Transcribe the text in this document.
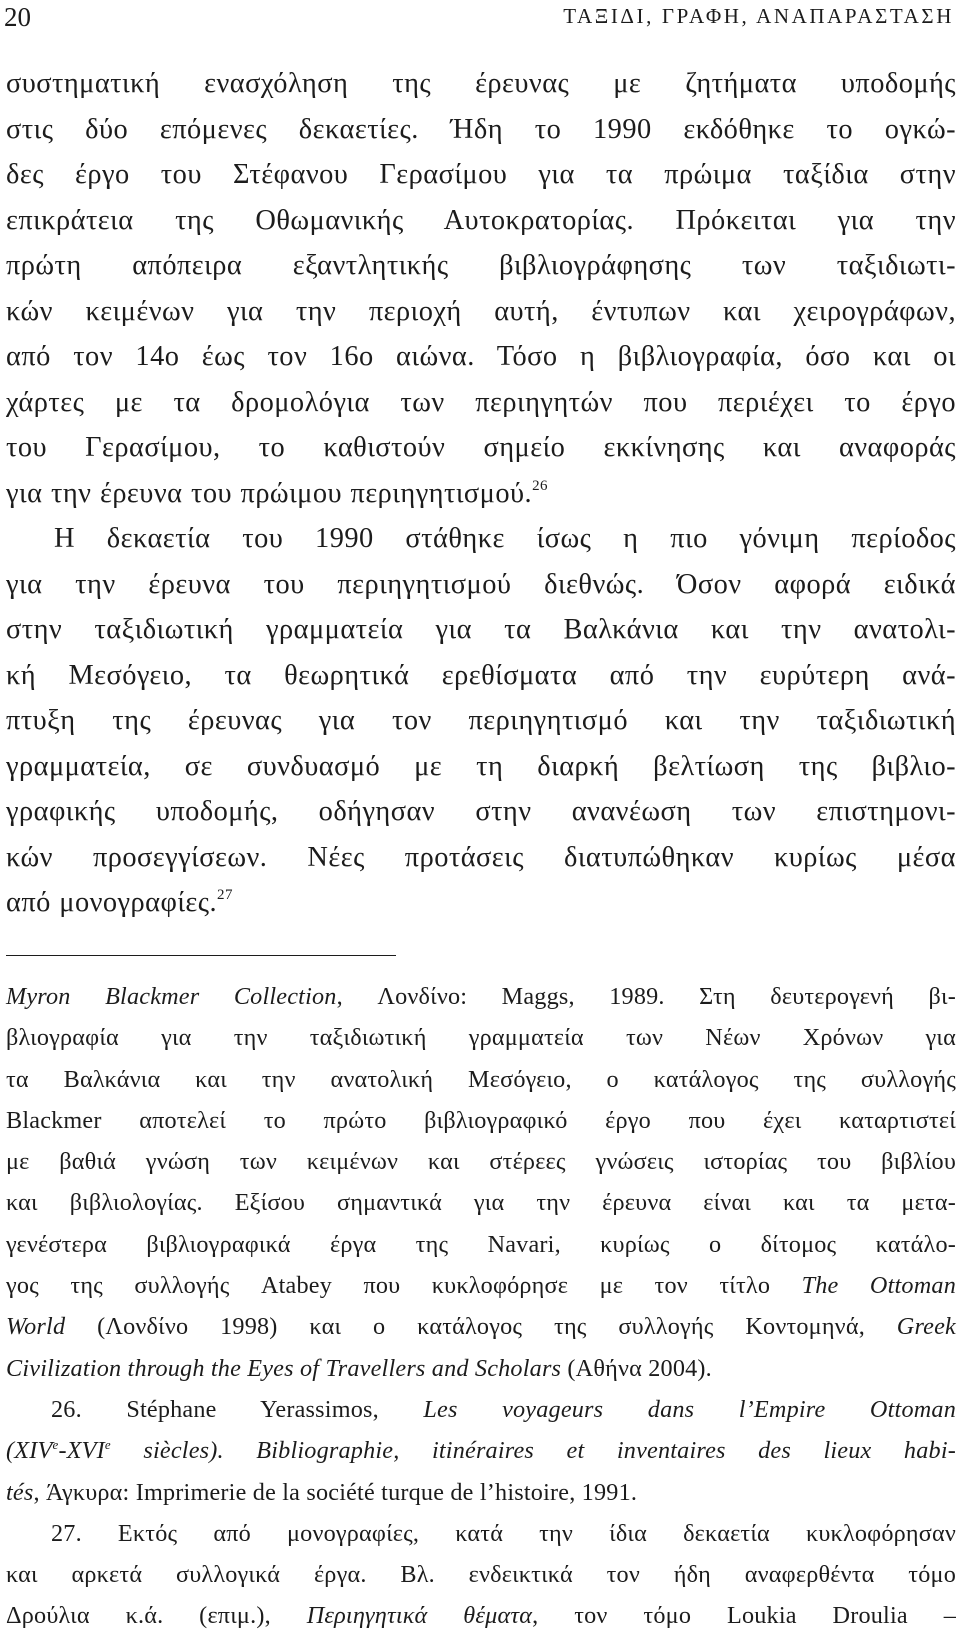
20	ΤΑΞΙΔΙ, ΓΡΑΦΗ, ΑΝΑΠΑΡΑΣΤΑΣΗ
συστηματική ενασχόληση της έρευνας με ζητήματα υποδομής
στις δύο επόμενες δεκαετίες. Ήδη το 1990 εκδόθηκε το ογκώ-
δες έργο του Στέφανου Γερασίμου για τα πρώιμα ταξίδια στην
επικράτεια της Οθωμανικής Αυτοκρατορίας. Πρόκειται για την
πρώτη απόπειρα εξαντλητικής βιβλιογράφησης των ταξιδιωτι-
κών κειμένων για την περιοχή αυτή, έντυπων και χειρογράφων,
από τον 14ο έως τον 16ο αιώνα. Τόσο η βιβλιογραφία, όσο και οι
χάρτες με τα δρομολόγια των περιηγητών που περιέχει το έργο
του Γερασίμου, το καθιστούν σημείο εκκίνησης και αναφοράς
για την έρευνα του πρώιμου περιηγητισμού.$^{26}$
Η δεκαετία του 1990 στάθηκε ίσως η πιο γόνιμη περίοδος
για την έρευνα του περιηγητισμού διεθνώς. Όσον αφορά ειδικά
στην ταξιδιωτική γραμματεία για τα Βαλκάνια και την ανατολι-
κή Μεσόγειο, τα θεωρητικά ερεθίσματα από την ευρύτερη ανά-
πτυξη της έρευνας για τον περιηγητισμό και την ταξιδιωτική
γραμματεία, σε συνδυασμό με τη διαρκή βελτίωση της βιβλιο-
γραφικής υποδομής, οδήγησαν στην ανανέωση των επιστημονι-
κών προσεγγίσεων. Νέες προτάσεις διατυπώθηκαν κυρίως μέσα
από μονογραφίες.$^{27}$
Myron Blackmer Collection, Λονδίνο: Maggs, 1989. Στη δευτερογενή βι-
βλιογραφία για την ταξιδιωτική γραμματεία των Νέων Χρόνων για
τα Βαλκάνια και την ανατολική Μεσόγειο, ο κατάλογος της συλλογής
Blackmer αποτελεί το πρώτο βιβλιογραφικό έργο που έχει καταρτιστεί
με βαθιά γνώση των κειμένων και στέρεες γνώσεις ιστορίας του βιβλίου
και βιβλιολογίας. Εξίσου σημαντικά για την έρευνα είναι και τα μετα-
γενέστερα βιβλιογραφικά έργα της Navari, κυρίως ο δίτομος κατάλο-
γος της συλλογής Atabey που κυκλοφόρησε με τον τίτλο The Ottoman
World (Λονδίνο 1998) και ο κατάλογος της συλλογής Κοντομηνά, Greek
Civilization through the Eyes of Travellers and Scholars (Αθήνα 2004).
26. Stéphane Yerassimos, Les voyageurs dans l’Empire Ottoman
(XIVe-XVIe siècles). Bibliographie, itinéraires et inventaires des lieux habi-
tés, Άγκυρα: Imprimerie de la société turque de l’histoire, 1991.
27. Εκτός από μονογραφίες, κατά την ίδια δεκαετία κυκλοφόρησαν
και αρκετά συλλογικά έργα. Βλ. ενδεικτικά τον ήδη αναφερθέντα τόμο
Δρούλια κ.ά. (επιμ.), Περιηγητικά θέματα, τον τόμο Loukia Droulia –
